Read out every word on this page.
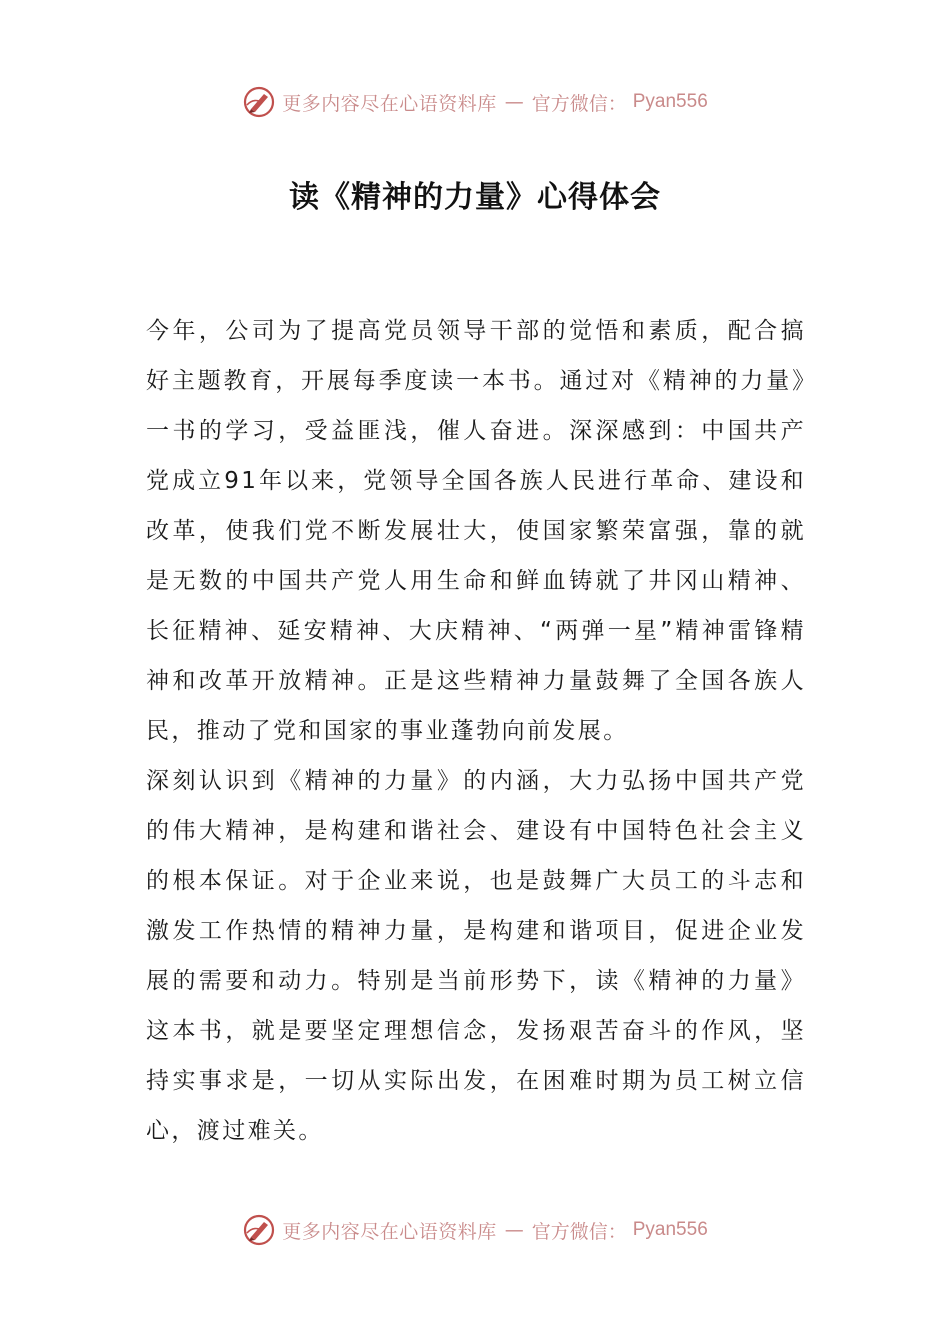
更多内容尽在心语资料库 — 官方微信： Pyan556
读《精神的力量》心得体会

今年，公司为了提高党员领导干部的觉悟和素质，配合搞好主题教育，开展每季度读一本书。通过对《精神的力量》一书的学习，受益匪浅，催人奋进。深深感到：中国共产党成立91年以来，党领导全国各族人民进行革命、建设和改革，使我们党不断发展壮大，使国家繁荣富强，靠的就是无数的中国共产党人用生命和鲜血铸就了井冈山精神、长征精神、延安精神、大庆精神、“两弹一星”精神雷锋精神和改革开放精神。正是这些精神力量鼓舞了全国各族人民，推动了党和国家的事业蓬勃向前发展。

深刻认识到《精神的力量》的内涵，大力弘扬中国共产党的伟大精神，是构建和谐社会、建设有中国特色社会主义的根本保证。对于企业来说，也是鼓舞广大员工的斗志和激发工作热情的精神力量，是构建和谐项目，促进企业发展的需要和动力。特别是当前形势下，读《精神的力量》这本书，就是要坚定理想信念，发扬艰苦奋斗的作风，坚持实事求是，一切从实际出发，在困难时期为员工树立信心，渡过难关。

更多内容尽在心语资料库 — 官方微信： Pyan556
